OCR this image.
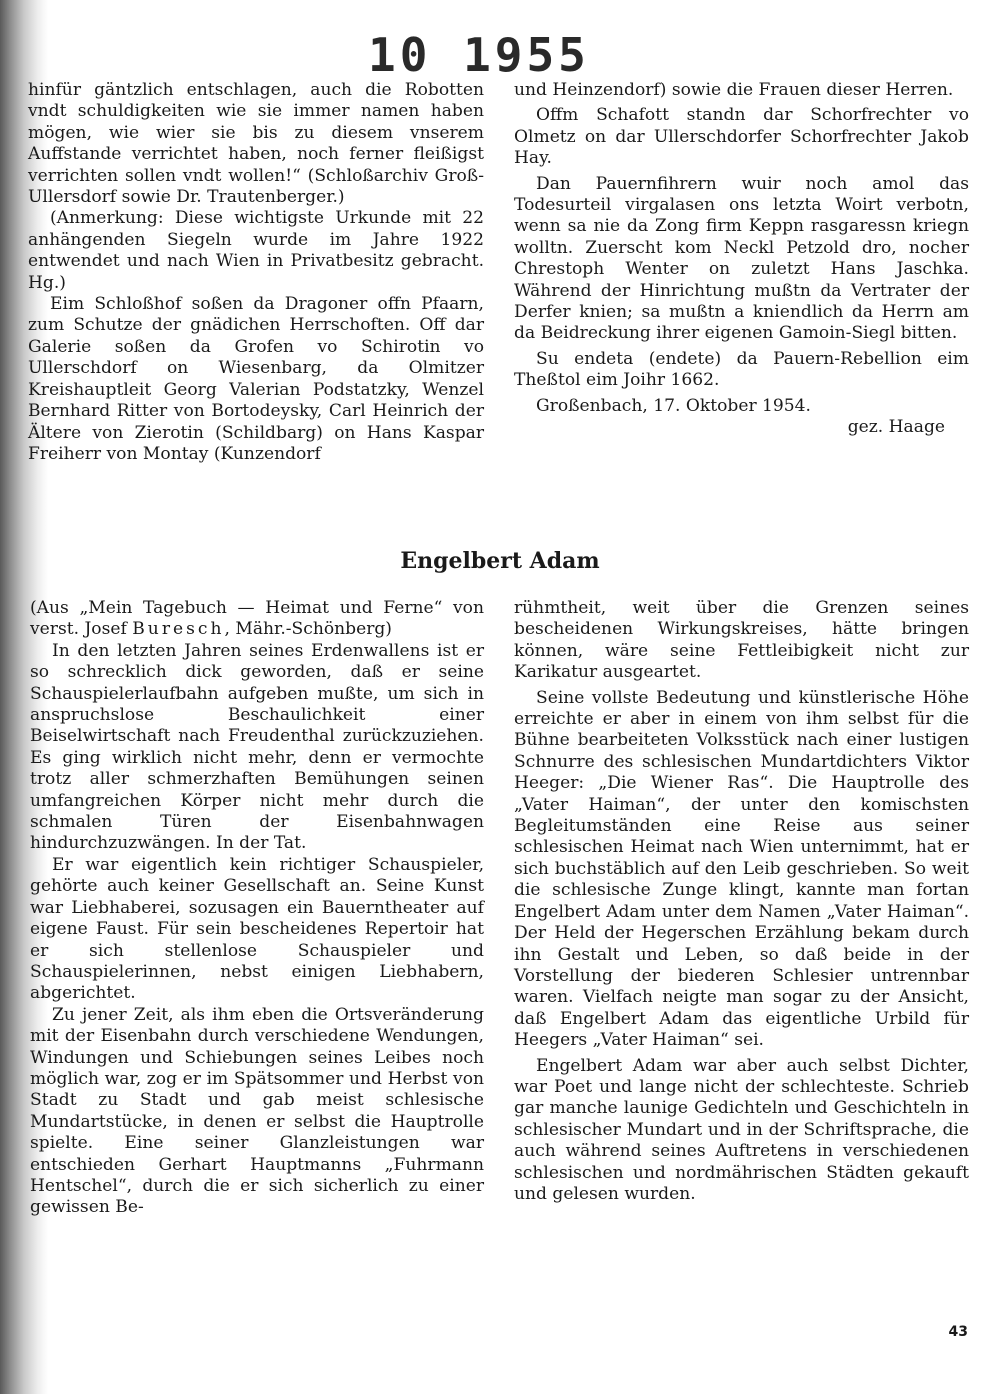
10 1955

hinfür gäntzlich entschlagen, auch die Robotten vndt schuldigkeiten wie sie immer namen haben mögen, wie wier sie bis zu diesem vnserem Auffstande verrichtet haben, noch ferner fleißigst verrichten sollen vndt wollen!“ (Schloßarchiv Groß-Ullersdorf sowie Dr. Trautenberger.)

(Anmerkung: Diese wichtigste Urkunde mit 22 anhängenden Siegeln wurde im Jahre 1922 entwendet und nach Wien in Privatbesitz gebracht. Hg.)

Eim Schloßhof soßen da Dragoner offn Pfaarn, zum Schutze der gnädichen Herrschoften. Off dar Galerie soßen da Grofen vo Schirotin vo Ullerschdorf on Wiesenbarg, da Olmitzer Kreishauptleit Georg Valerian Podstatzky, Wenzel Bernhard Ritter von Bortodeysky, Carl Heinrich der Ältere von Zierotin (Schildbarg) on Hans Kaspar Freiherr von Montay (Kunzendorf

und Heinzendorf) sowie die Frauen dieser Herren.

Offm Schafott standn dar Schorfrechter vo Olmetz on dar Ullerschdorfer Schorfrechter Jakob Hay.

Dan Pauernfihrern wuir noch amol das Todesurteil virgalasen ons letzta Woirt verbotn, wenn sa nie da Zong firm Keppn rasgaressn kriegn wolltn. Zuerscht kom Neckl Petzold dro, nocher Chrestoph Wenter on zuletzt Hans Jaschka. Während der Hinrichtung mußtn da Vertrater der Derfer knien; sa mußtn a kniendlich da Herrn am da Beidreckung ihrer eigenen Gamoin-Siegl bitten.

Su endeta (endete) da Pauern-Rebellion eim Theßtol eim Joihr 1662.

Großenbach, 17. Oktober 1954.

gez. Haage

Engelbert Adam

(Aus „Mein Tagebuch — Heimat und Ferne“ von verst. Josef Buresch, Mähr.-Schönberg)

In den letzten Jahren seines Erdenwallens ist er so schrecklich dick geworden, daß er seine Schauspielerlaufbahn aufgeben mußte, um sich in anspruchslose Beschaulichkeit einer Beiselwirtschaft nach Freudenthal zurückzuziehen. Es ging wirklich nicht mehr, denn er vermochte trotz aller schmerzhaften Bemühungen seinen umfangreichen Körper nicht mehr durch die schmalen Türen der Eisenbahnwagen hindurchzuzwängen. In der Tat.

Er war eigentlich kein richtiger Schauspieler, gehörte auch keiner Gesellschaft an. Seine Kunst war Liebhaberei, sozusagen ein Bauerntheater auf eigene Faust. Für sein bescheidenes Repertoir hat er sich stellenlose Schauspieler und Schauspielerinnen, nebst einigen Liebhabern, abgerichtet.

Zu jener Zeit, als ihm eben die Ortsveränderung mit der Eisenbahn durch verschiedene Wendungen, Windungen und Schiebungen seines Leibes noch möglich war, zog er im Spätsommer und Herbst von Stadt zu Stadt und gab meist schlesische Mundartstücke, in denen er selbst die Hauptrolle spielte. Eine seiner Glanzleistungen war entschieden Gerhart Hauptmanns „Fuhrmann Hentschel“, durch die er sich sicherlich zu einer gewissen Be-

rühmtheit, weit über die Grenzen seines bescheidenen Wirkungskreises, hätte bringen können, wäre seine Fettleibigkeit nicht zur Karikatur ausgeartet.

Seine vollste Bedeutung und künstlerische Höhe erreichte er aber in einem von ihm selbst für die Bühne bearbeiteten Volksstück nach einer lustigen Schnurre des schlesischen Mundartdichters Viktor Heeger: „Die Wiener Ras“. Die Hauptrolle des „Vater Haiman“, der unter den komischsten Begleitumständen eine Reise aus seiner schlesischen Heimat nach Wien unternimmt, hat er sich buchstäblich auf den Leib geschrieben. So weit die schlesische Zunge klingt, kannte man fortan Engelbert Adam unter dem Namen „Vater Haiman“. Der Held der Hegerschen Erzählung bekam durch ihn Gestalt und Leben, so daß beide in der Vorstellung der biederen Schlesier untrennbar waren. Vielfach neigte man sogar zu der Ansicht, daß Engelbert Adam das eigentliche Urbild für Heegers „Vater Haiman“ sei.

Engelbert Adam war aber auch selbst Dichter, war Poet und lange nicht der schlechteste. Schrieb gar manche launige Gedichteln und Geschichteln in schlesischer Mundart und in der Schriftsprache, die auch während seines Auftretens in verschiedenen schlesischen und nordmährischen Städten gekauft und gelesen wurden.

43
